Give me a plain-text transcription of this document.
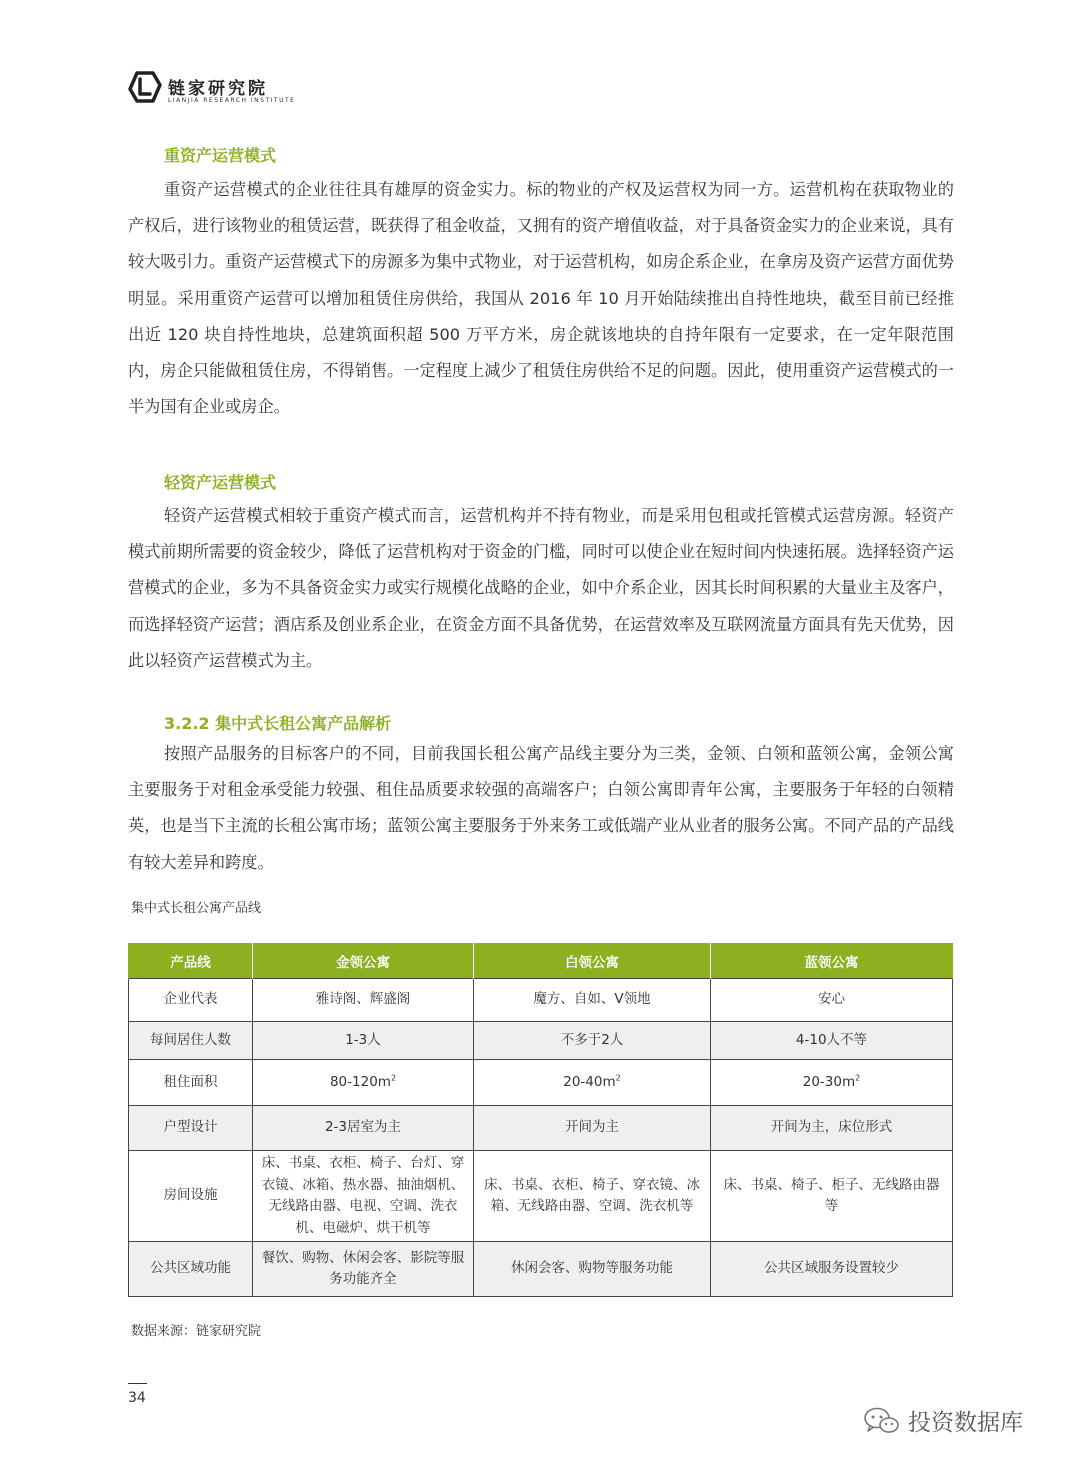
链家研究院
LIANJIA RESEARCH INSTITUTE
重资产运营模式

重资产运营模式的企业往往具有雄厚的资金实力。标的物业的产权及运营权为同一方。运营机构在获取物业的产权后，进行该物业的租赁运营，既获得了租金收益，又拥有的资产增值收益，对于具备资金实力的企业来说，具有较大吸引力。重资产运营模式下的房源多为集中式物业，对于运营机构，如房企系企业，在拿房及资产运营方面优势明显。采用重资产运营可以增加租赁住房供给，我国从 2016 年 10 月开始陆续推出自持性地块，截至目前已经推出近 120 块自持性地块，总建筑面积超 500 万平方米，房企就该地块的自持年限有一定要求，在一定年限范围内，房企只能做租赁住房，不得销售。一定程度上减少了租赁住房供给不足的问题。因此，使用重资产运营模式的一半为国有企业或房企。

轻资产运营模式

轻资产运营模式相较于重资产模式而言，运营机构并不持有物业，而是采用包租或托管模式运营房源。轻资产模式前期所需要的资金较少，降低了运营机构对于资金的门槛，同时可以使企业在短时间内快速拓展。选择轻资产运营模式的企业，多为不具备资金实力或实行规模化战略的企业，如中介系企业，因其长时间积累的大量业主及客户，而选择轻资产运营；酒店系及创业系企业，在资金方面不具备优势，在运营效率及互联网流量方面具有先天优势，因此以轻资产运营模式为主。

3.2.2 集中式长租公寓产品解析

按照产品服务的目标客户的不同，目前我国长租公寓产品线主要分为三类，金领、白领和蓝领公寓，金领公寓主要服务于对租金承受能力较强、租住品质要求较强的高端客户；白领公寓即青年公寓，主要服务于年轻的白领精英，也是当下主流的长租公寓市场；蓝领公寓主要服务于外来务工或低端产业从业者的服务公寓。不同产品的产品线有较大差异和跨度。

集中式长租公寓产品线
产品线	金领公寓	白领公寓	蓝领公寓
企业代表	雅诗阁、辉盛阁	魔方、自如、V领地	安心
每间居住人数	1-3人	不多于2人	4-10人不等
租住面积	$80-120m^2$	$20-40m^2$	$20-30m^2$
户型设计	2-3居室为主	开间为主	开间为主，床位形式
房间设施	床、书桌、衣柜、椅子、台灯、穿衣镜、冰箱、热水器、抽油烟机、无线路由器、电视、空调、洗衣机、电磁炉、烘干机等	床、书桌、衣柜、椅子、穿衣镜、冰箱、无线路由器、空调、洗衣机等	床、书桌、椅子、柜子、无线路由器等
公共区域功能	餐饮、购物、休闲会客、影院等服务功能齐全	休闲会客、购物等服务功能	公共区域服务设置较少
数据来源：链家研究院
34
投资数据库
